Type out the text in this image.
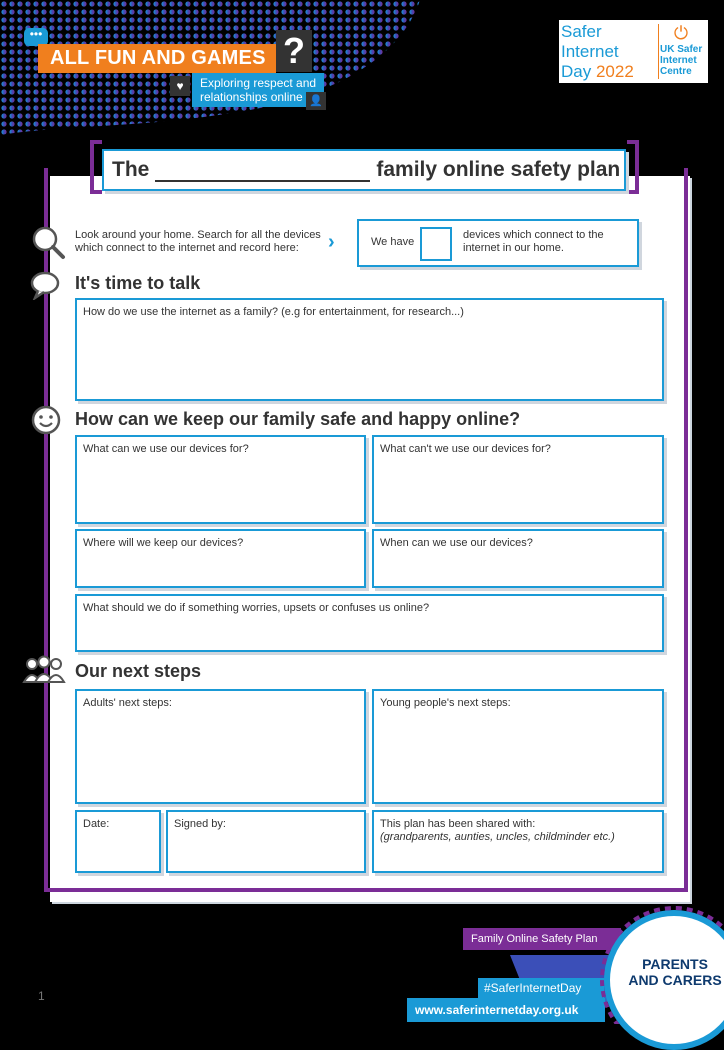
•••
ALL FUN AND GAMES ?
♥	Exploring respect and
relationships online 👤
Safer
Internet
Day 2022
⏻
UK Safer
Internet
Centre
The	family online safety plan
Look around your home. Search for all the devices which connect to the internet and record here:	›	We have
devices which connect to the internet in our home.
It's time to talk
How do we use the internet as a family? (e.g for entertainment, for research...)
How can we keep our family safe and happy online?
What can we use our devices for?	What can't we use our devices for?
Where will we keep our devices?	When can we use our devices?
What should we do if something worries, upsets or confuses us online?
Our next steps
Adults' next steps:	Young people's next steps:
Date:	Signed by:	This plan has been shared with:
(grandparents, aunties, uncles, childminder etc.)
Family Online Safety Plan
#SaferInternetDay
www.saferinternetday.org.uk
PARENTS
AND CARERS
1
